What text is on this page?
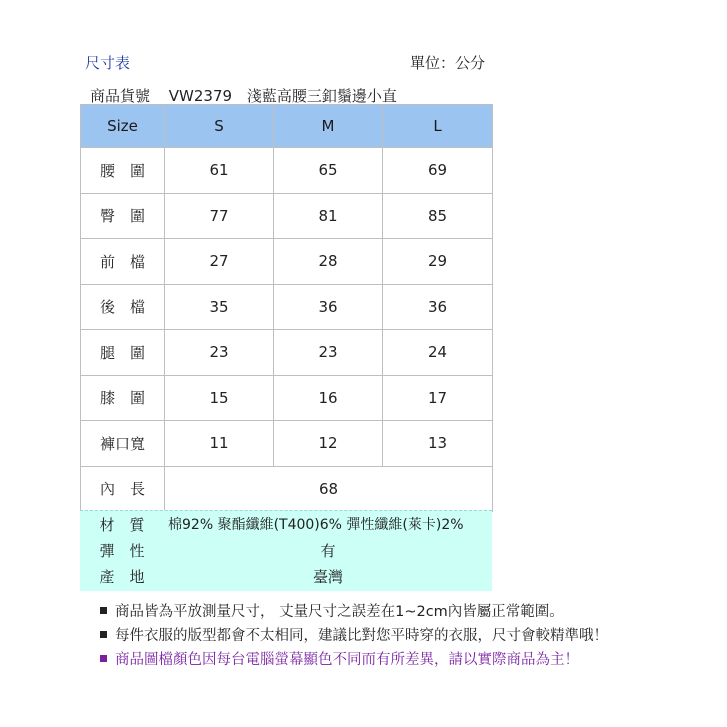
尺寸表	單位：公分
商品貨號 VW2379 淺藍高腰三釦鬚邊小直
Size	S	M	L
腰　圍	61	65	69
臀　圍	77	81	85
前　檔	27	28	29
後　檔	35	36	36
腿　圍	23	23	24
膝　圍	15	16	17
褲口寬	11	12	13
內　長	68		
材　質	棉92% 聚酯纖維(T400)6% 彈性纖維(萊卡)2%
彈　性	有
產　地	臺灣
商品皆為平放測量尺寸， 丈量尺寸之誤差在1~2cm內皆屬正常範圍。
每件衣服的版型都會不太相同，建議比對您平時穿的衣服，尺寸會較精準哦！
商品圖檔顏色因每台電腦螢幕顯色不同而有所差異，請以實際商品為主！
